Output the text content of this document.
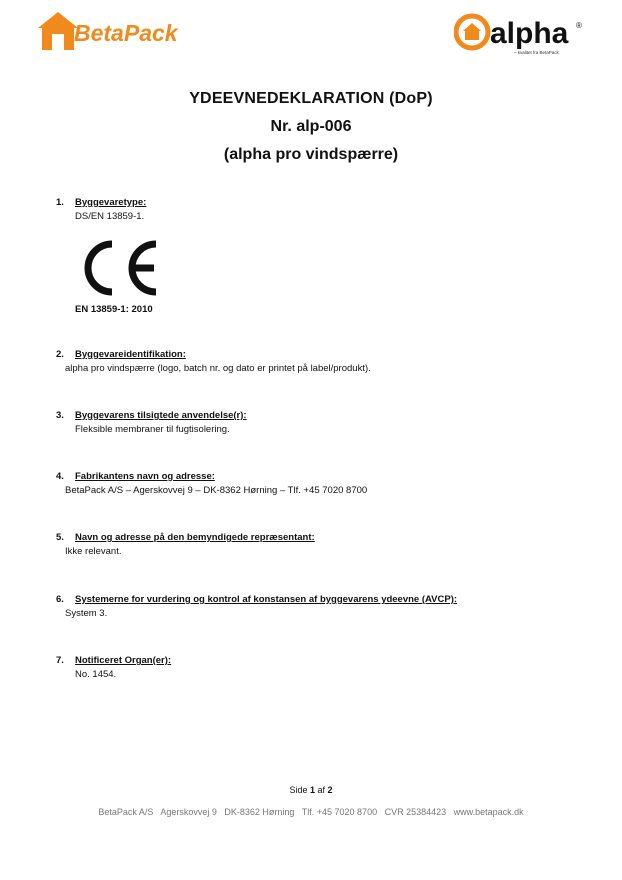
BetaPack	alpha ®
– kvalitet fra BetaPack
YDEEVNEDEKLARATION (DoP)
Nr. alp-006
(alpha pro vindspærre)
1.	Byggevaretype:
DS/EN 13859-1.
EN 13859-1: 2010
2.	Byggevareidentifikation:
alpha pro vindspærre (logo, batch nr. og dato er printet på label/produkt).
3.	Byggevarens tilsigtede anvendelse(r):
Fleksible membraner til fugtisolering.
4.	Fabrikantens navn og adresse:
BetaPack A/S – Agerskovvej 9 – DK-8362 Hørning – Tlf. +45 7020 8700
5.	Navn og adresse på den bemyndigede repræsentant:
Ikke relevant.
6.	Systemerne for vurdering og kontrol af konstansen af byggevarens ydeevne (AVCP):
System 3.
7.	Notificeret Organ(er):
No. 1454.
Side 1 af 2
BetaPack A/S   Agerskovvej 9   DK-8362 Hørning   Tlf. +45 7020 8700   CVR 25384423   www.betapack.dk
